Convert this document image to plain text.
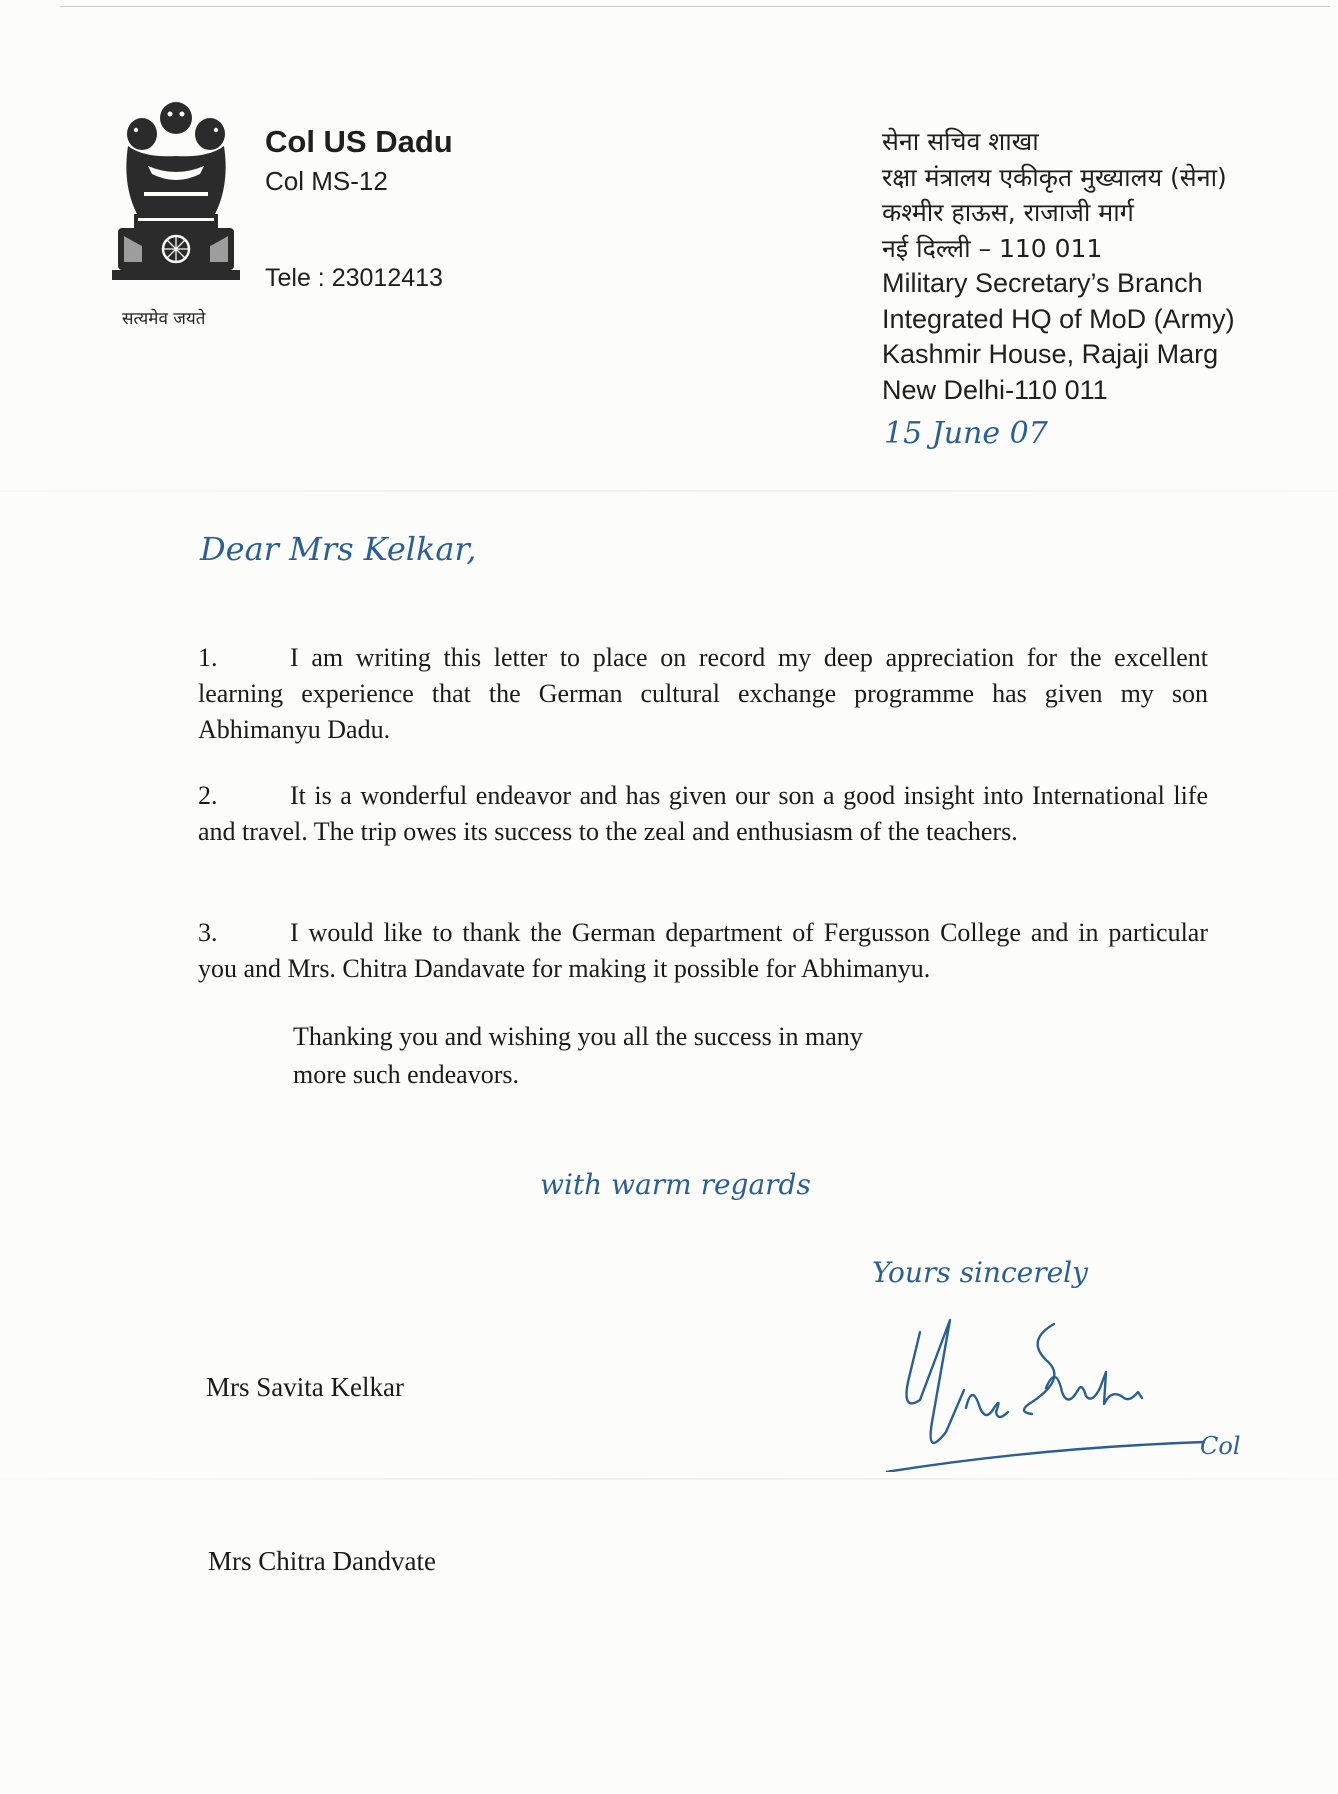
सत्यमेव जयते
Col US Dadu
Col MS-12
Tele : 23012413
सेना सचिव शाखा
रक्षा मंत्रालय एकीकृत मुख्यालय (सेना)
कश्मीर हाऊस, राजाजी मार्ग
नई दिल्ली – 110 011
Military Secretary’s Branch
Integrated HQ of MoD (Army)
Kashmir House, Rajaji Marg
New Delhi-110 011
15 June 07
Dear Mrs Kelkar,
1.	I am writing this letter to place on record my deep appreciation for the excellent learning experience that the German cultural exchange programme has given my son Abhimanyu Dadu.
2.	It is a wonderful endeavor and has given our son a good insight into International life and travel. The trip owes its success to the zeal and enthusiasm of the teachers.
3.	I would like to thank the German department of Fergusson College and in particular you and Mrs. Chitra Dandavate for making it possible for Abhimanyu.
Thanking you and wishing you all the success in many
more such endeavors.
with warm regards
Yours sincerely
Col
Mrs Savita Kelkar
Mrs Chitra Dandvate
